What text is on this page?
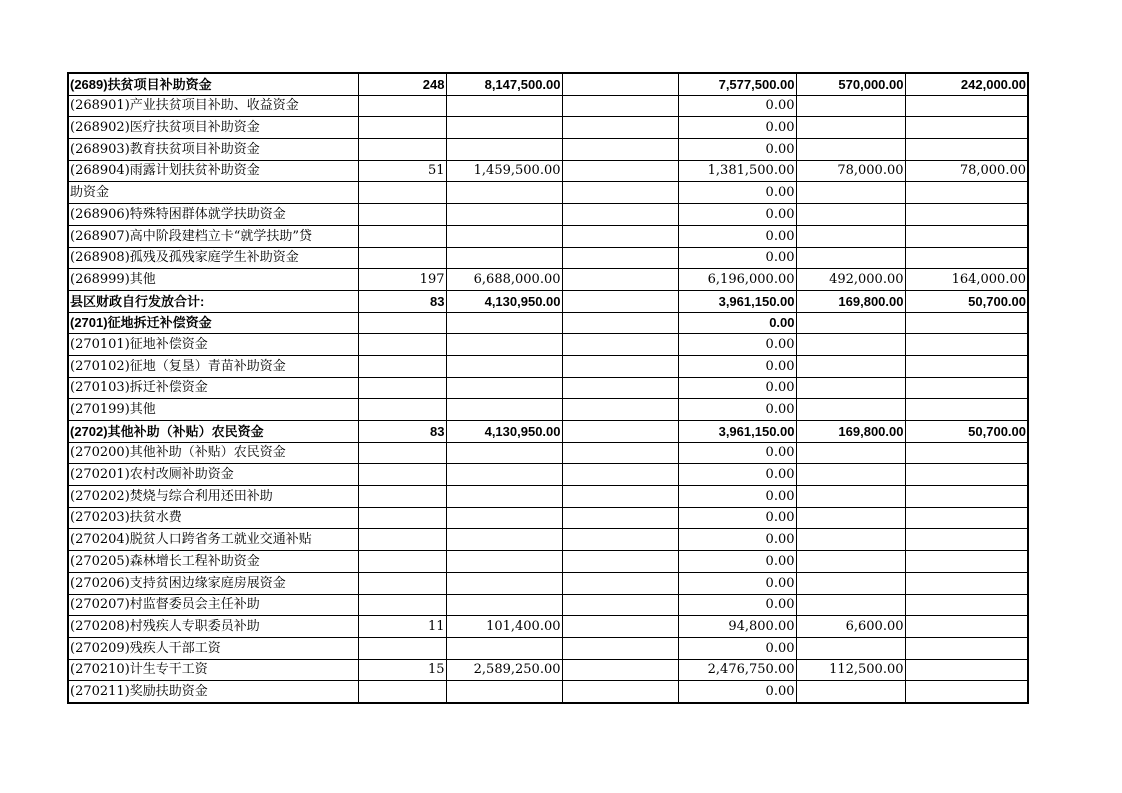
(2689)扶贫项目补助资金	248	8,147,500.00		7,577,500.00	570,000.00	242,000.00
(268901)产业扶贫项目补助、收益资金				0.00		
(268902)医疗扶贫项目补助资金				0.00		
(268903)教育扶贫项目补助资金				0.00		
(268904)雨露计划扶贫补助资金	51	1,459,500.00		1,381,500.00	78,000.00	78,000.00
助资金				0.00		
(268906)特殊特困群体就学扶助资金				0.00		
(268907)高中阶段建档立卡“就学扶助”贷				0.00		
(268908)孤残及孤残家庭学生补助资金				0.00		
(268999)其他	197	6,688,000.00		6,196,000.00	492,000.00	164,000.00
县区财政自行发放合计:	83	4,130,950.00		3,961,150.00	169,800.00	50,700.00
(2701)征地拆迁补偿资金				0.00		
(270101)征地补偿资金				0.00		
(270102)征地（复垦）青苗补助资金				0.00		
(270103)拆迁补偿资金				0.00		
(270199)其他				0.00		
(2702)其他补助（补贴）农民资金	83	4,130,950.00		3,961,150.00	169,800.00	50,700.00
(270200)其他补助（补贴）农民资金				0.00		
(270201)农村改厕补助资金				0.00		
(270202)焚烧与综合利用还田补助				0.00		
(270203)扶贫水费				0.00		
(270204)脱贫人口跨省务工就业交通补贴				0.00		
(270205)森林增长工程补助资金				0.00		
(270206)支持贫困边缘家庭房展资金				0.00		
(270207)村监督委员会主任补助				0.00		
(270208)村残疾人专职委员补助	11	101,400.00		94,800.00	6,600.00	
(270209)残疾人干部工资				0.00		
(270210)计生专干工资	15	2,589,250.00		2,476,750.00	112,500.00	
(270211)奖励扶助资金				0.00		
